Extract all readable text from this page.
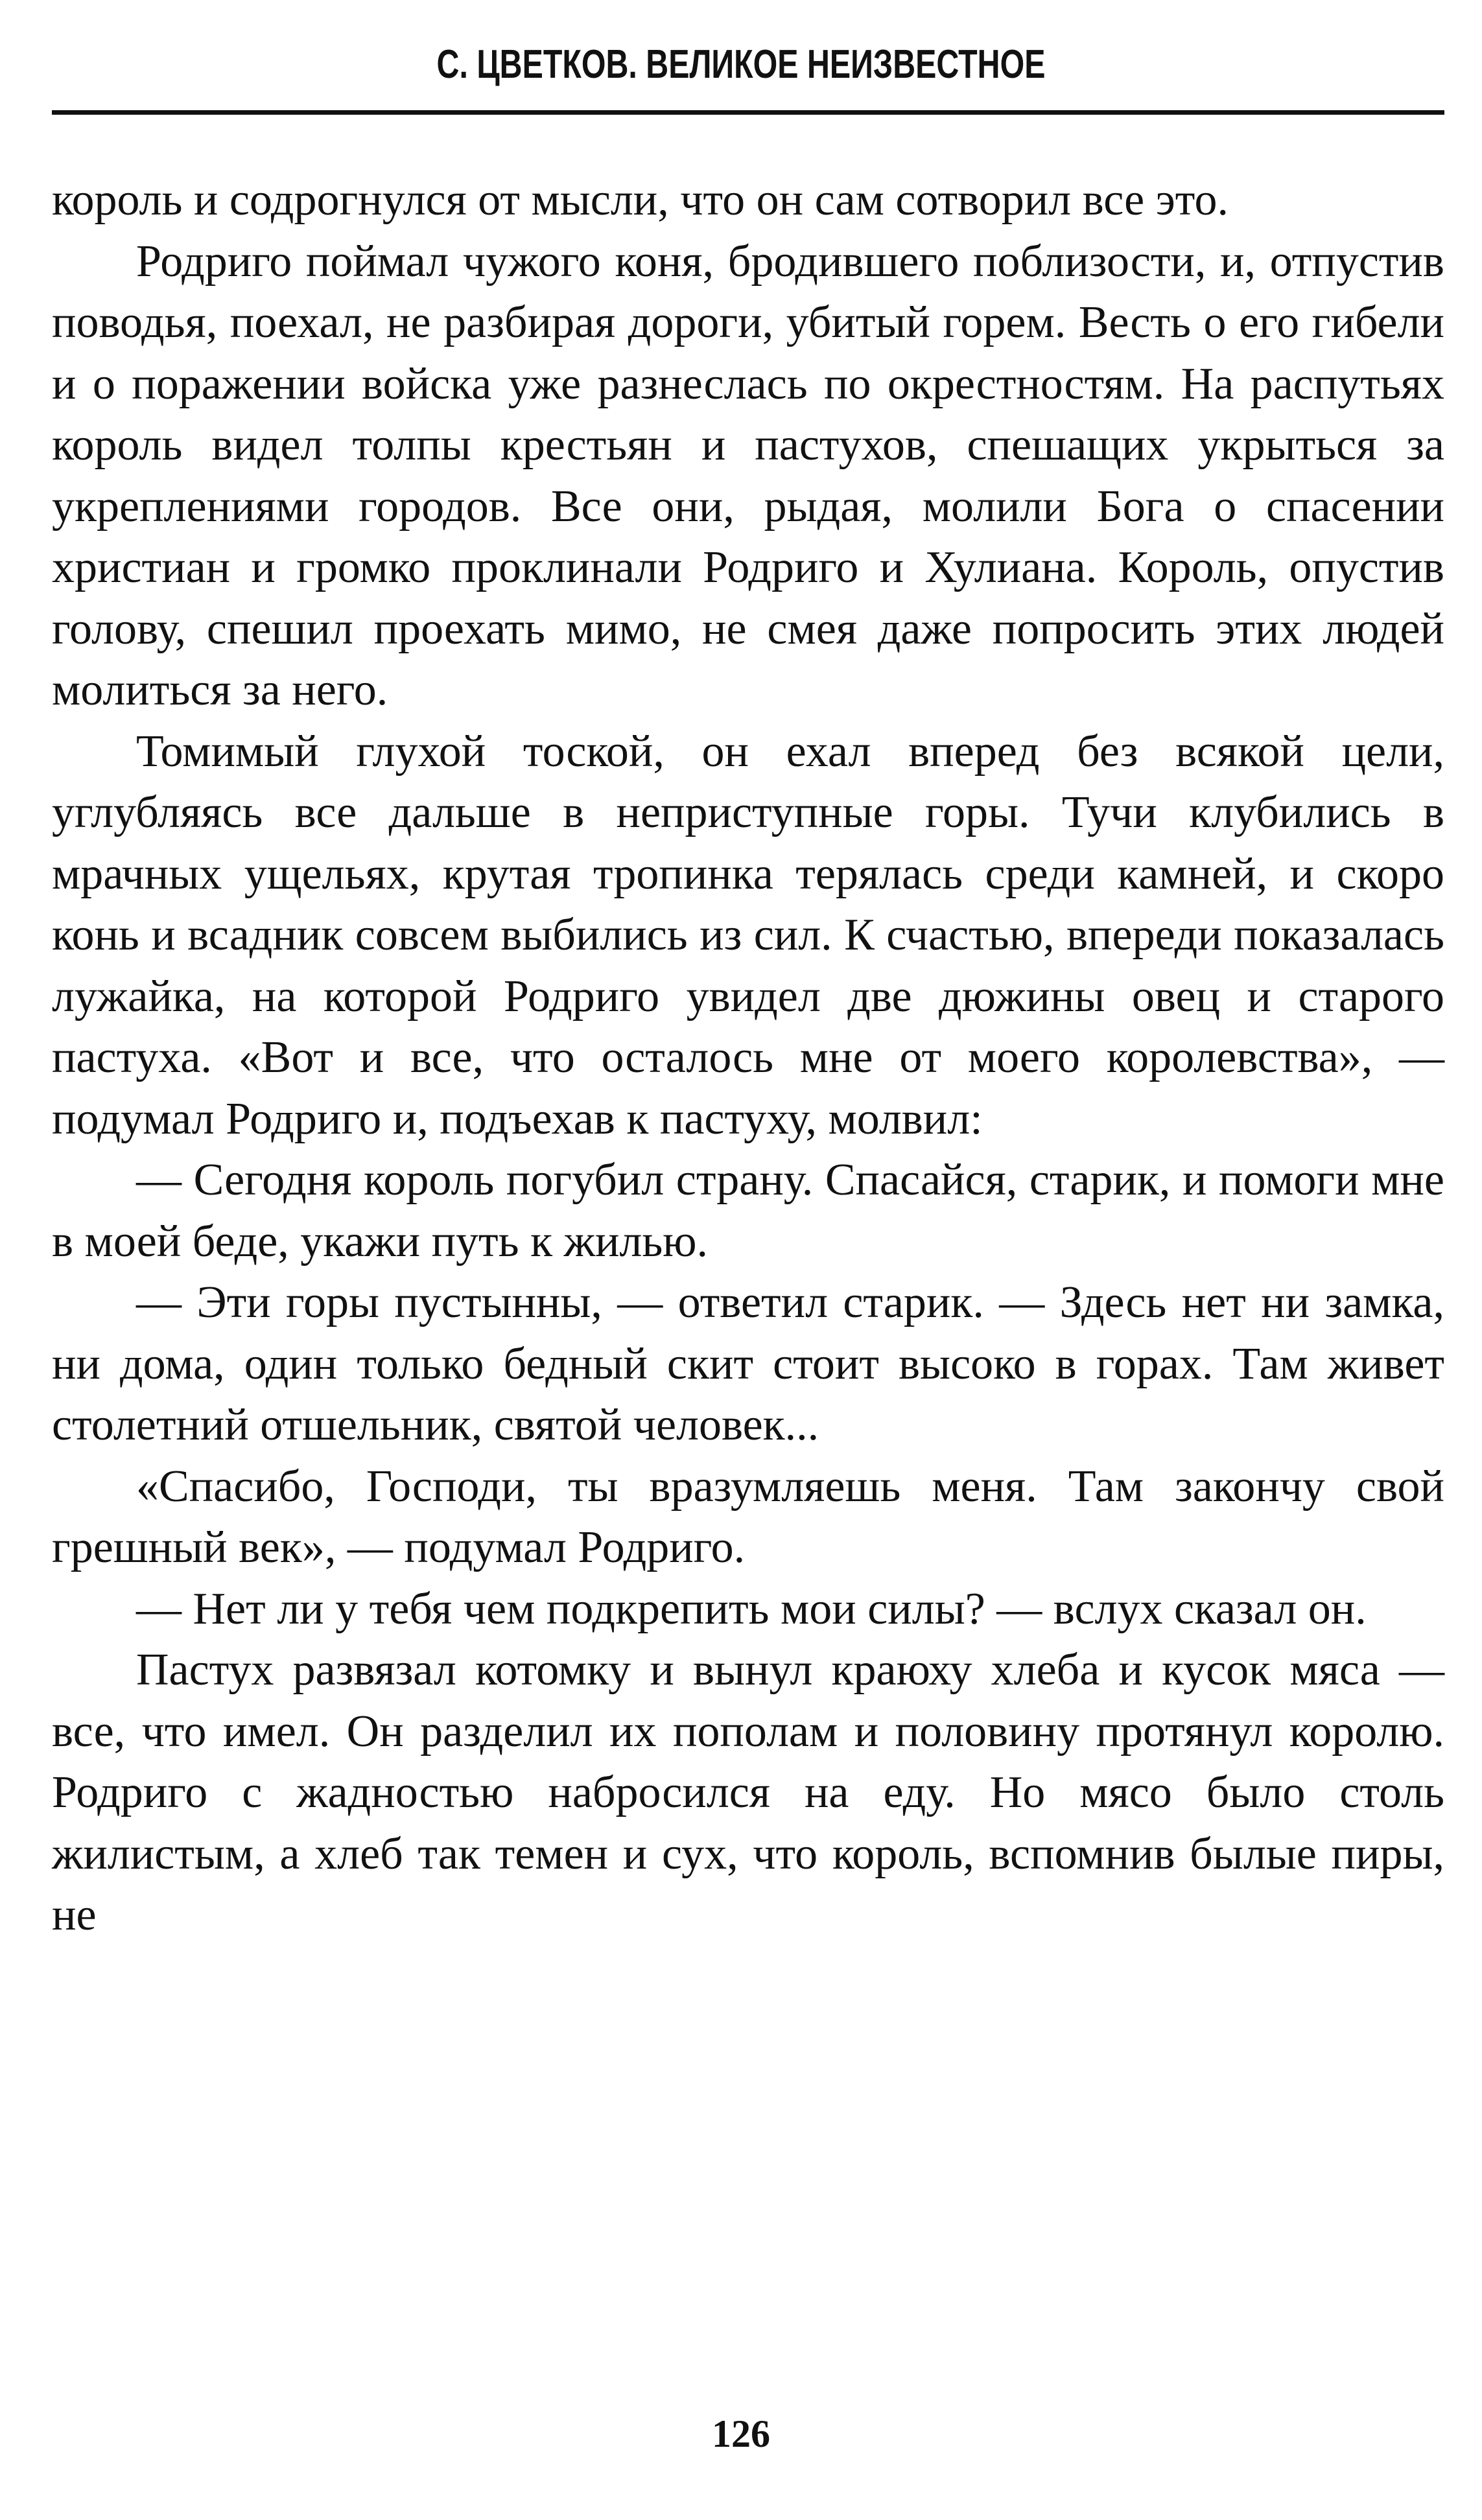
С. ЦВЕТКОВ. ВЕЛИКОЕ НЕИЗВЕСТНОЕ

король и содрогнулся от мысли, что он сам сотворил все это.

Родриго поймал чужого коня, бродившего поблизости, и, отпустив поводья, поехал, не разбирая дороги, убитый горем. Весть о его гибели и о поражении войска уже разнеслась по окрестностям. На распутьях король видел толпы крестьян и пастухов, спешащих укрыться за укреплениями городов. Все они, рыдая, молили Бога о спасении христиан и громко проклинали Родриго и Хулиана. Король, опустив голову, спешил проехать мимо, не смея даже попросить этих людей молиться за него.

Томимый глухой тоской, он ехал вперед без всякой цели, углубляясь все дальше в неприступные горы. Тучи клубились в мрачных ущельях, крутая тропинка терялась среди камней, и скоро конь и всадник совсем выбились из сил. К счастью, впереди показалась лужайка, на которой Родриго увидел две дюжины овец и старого пастуха. «Вот и все, что осталось мне от моего королевства», — подумал Родриго и, подъехав к пастуху, молвил:

— Сегодня король погубил страну. Спасайся, старик, и помоги мне в моей беде, укажи путь к жилью.

— Эти горы пустынны, — ответил старик. — Здесь нет ни замка, ни дома, один только бедный скит стоит высоко в горах. Там живет столетний отшельник, святой человек...

«Спасибо, Господи, ты вразумляешь меня. Там закончу свой грешный век», — подумал Родриго.

— Нет ли у тебя чем подкрепить мои силы? — вслух сказал он.

Пастух развязал котомку и вынул краюху хлеба и кусок мяса — все, что имел. Он разделил их пополам и половину протянул королю. Родриго с жадностью набросился на еду. Но мясо было столь жилистым, а хлеб так темен и сух, что король, вспомнив былые пиры, не

126
